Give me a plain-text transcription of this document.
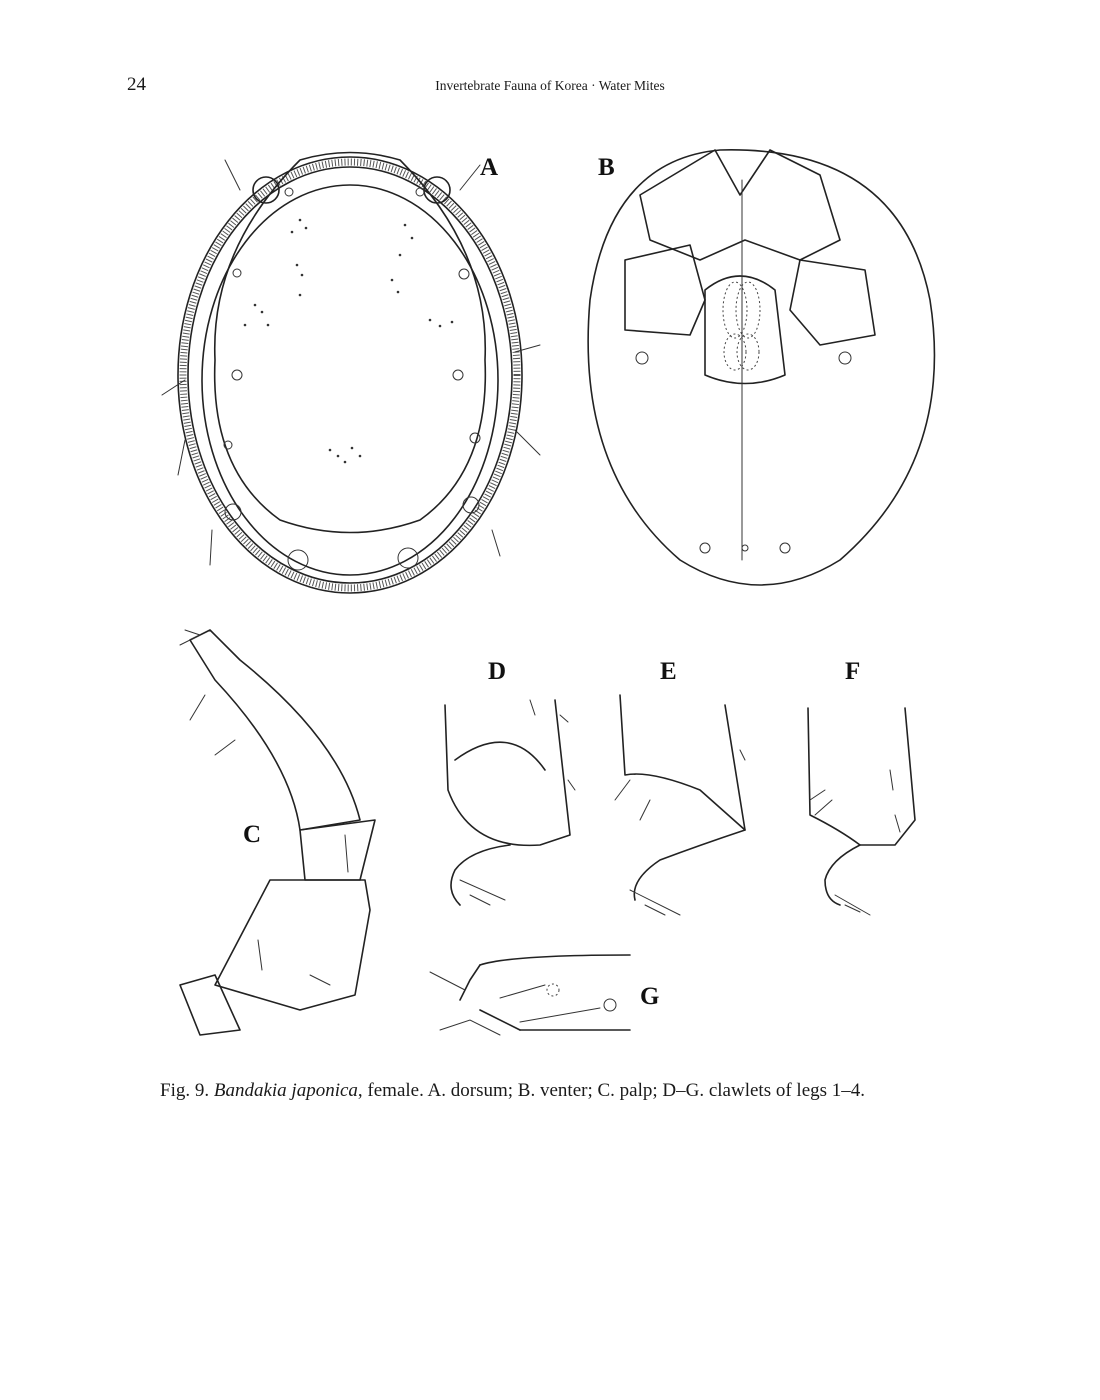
24	Invertebrate Fauna of Korea · Water Mites
A	B
C
D	E	F
G
Fig. 9. Bandakia japonica, female. A. dorsum; B. venter; C. palp; D–G. clawlets of legs 1–4.
